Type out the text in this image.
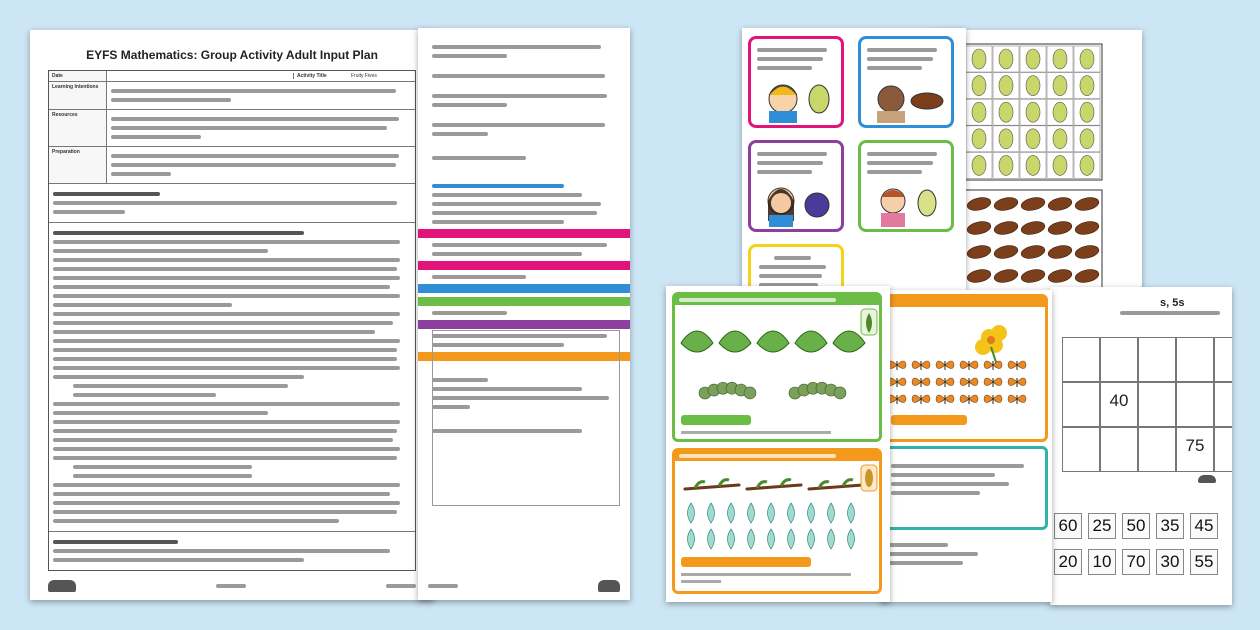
EYFS Mathematics: Group Activity Adult Input Plan
Date	Activity Title	Fruity Fives
Learning Intentions
Resources
Preparation
s, 5s
40
75
60 25 50 35 45
20 10 70 30 55
